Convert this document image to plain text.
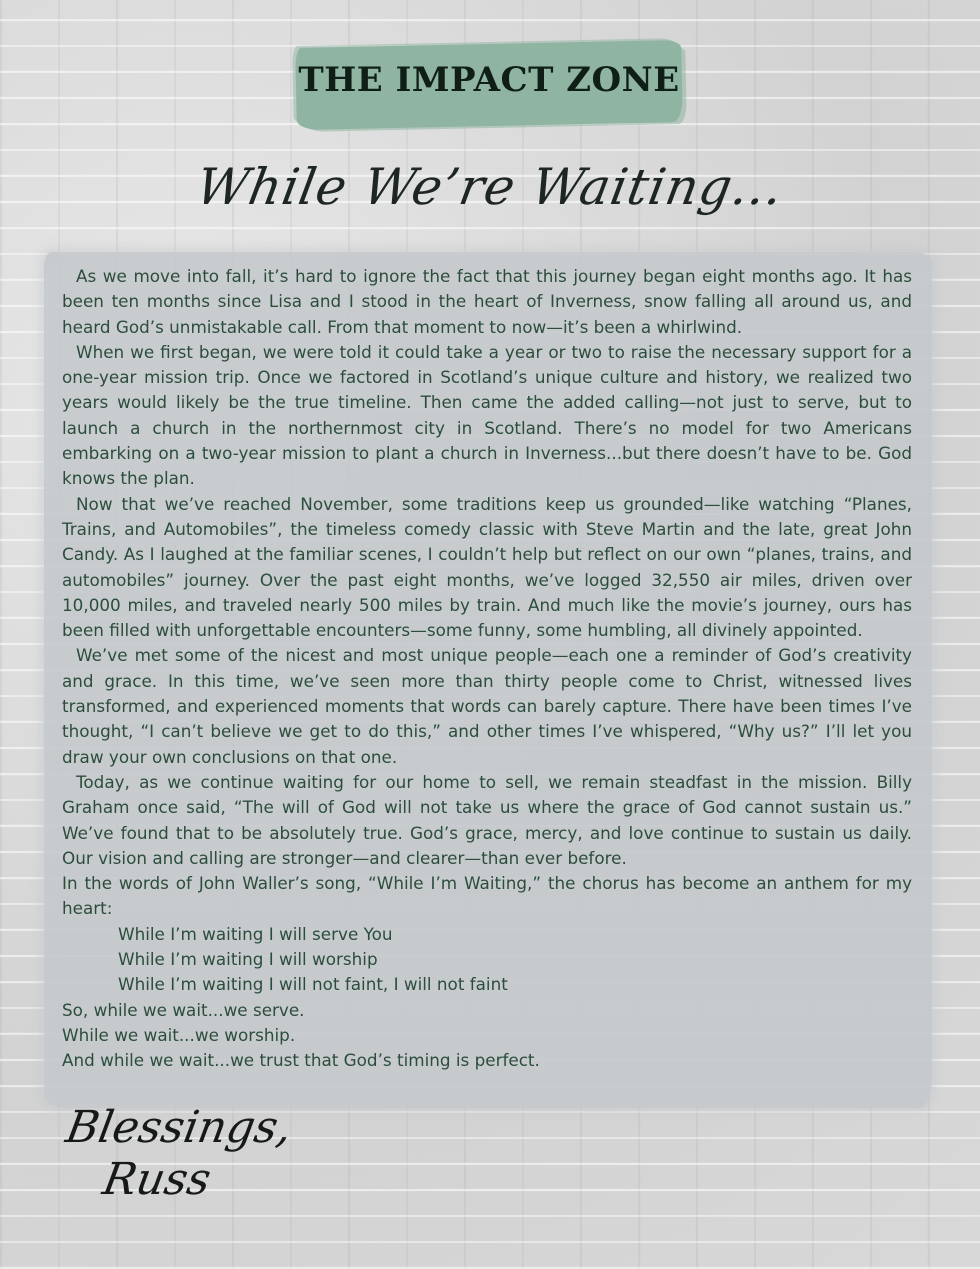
THE IMPACT ZONE
While We’re Waiting...

As we move into fall, it’s hard to ignore the fact that this journey began eight months ago. It has been ten months since Lisa and I stood in the heart of Inverness, snow falling all around us, and heard God’s unmistakable call. From that moment to now—it’s been a whirlwind.

When we first began, we were told it could take a year or two to raise the necessary support for a one-year mission trip. Once we factored in Scotland’s unique culture and history, we realized two years would likely be the true timeline. Then came the added calling—not just to serve, but to launch a church in the northernmost city in Scotland. There’s no model for two Americans embarking on a two-year mission to plant a church in Inverness...but there doesn’t have to be. God knows the plan.

Now that we’ve reached November, some traditions keep us grounded—like watching “Planes, Trains, and Automobiles”, the timeless comedy classic with Steve Martin and the late, great John Candy. As I laughed at the familiar scenes, I couldn’t help but reflect on our own “planes, trains, and automobiles” journey. Over the past eight months, we’ve logged 32,550 air miles, driven over 10,000 miles, and traveled nearly 500 miles by train. And much like the movie’s journey, ours has been filled with unforgettable encounters—some funny, some humbling, all divinely appointed.

We’ve met some of the nicest and most unique people—each one a reminder of God’s creativity and grace. In this time, we’ve seen more than thirty people come to Christ, witnessed lives transformed, and experienced moments that words can barely capture. There have been times I’ve thought, “I can’t believe we get to do this,” and other times I’ve whispered, “Why us?” I’ll let you draw your own conclusions on that one.

Today, as we continue waiting for our home to sell, we remain steadfast in the mission. Billy Graham once said, “The will of God will not take us where the grace of God cannot sustain us.” We’ve found that to be absolutely true. God’s grace, mercy, and love continue to sustain us daily. Our vision and calling are stronger—and clearer—than ever before.

In the words of John Waller’s song, “While I’m Waiting,” the chorus has become an anthem for my heart:

While I’m waiting I will serve You

While I’m waiting I will worship

While I’m waiting I will not faint, I will not faint

So, while we wait...we serve.

While we wait...we worship.

And while we wait...we trust that God’s timing is perfect.

Blessings,
Russ
